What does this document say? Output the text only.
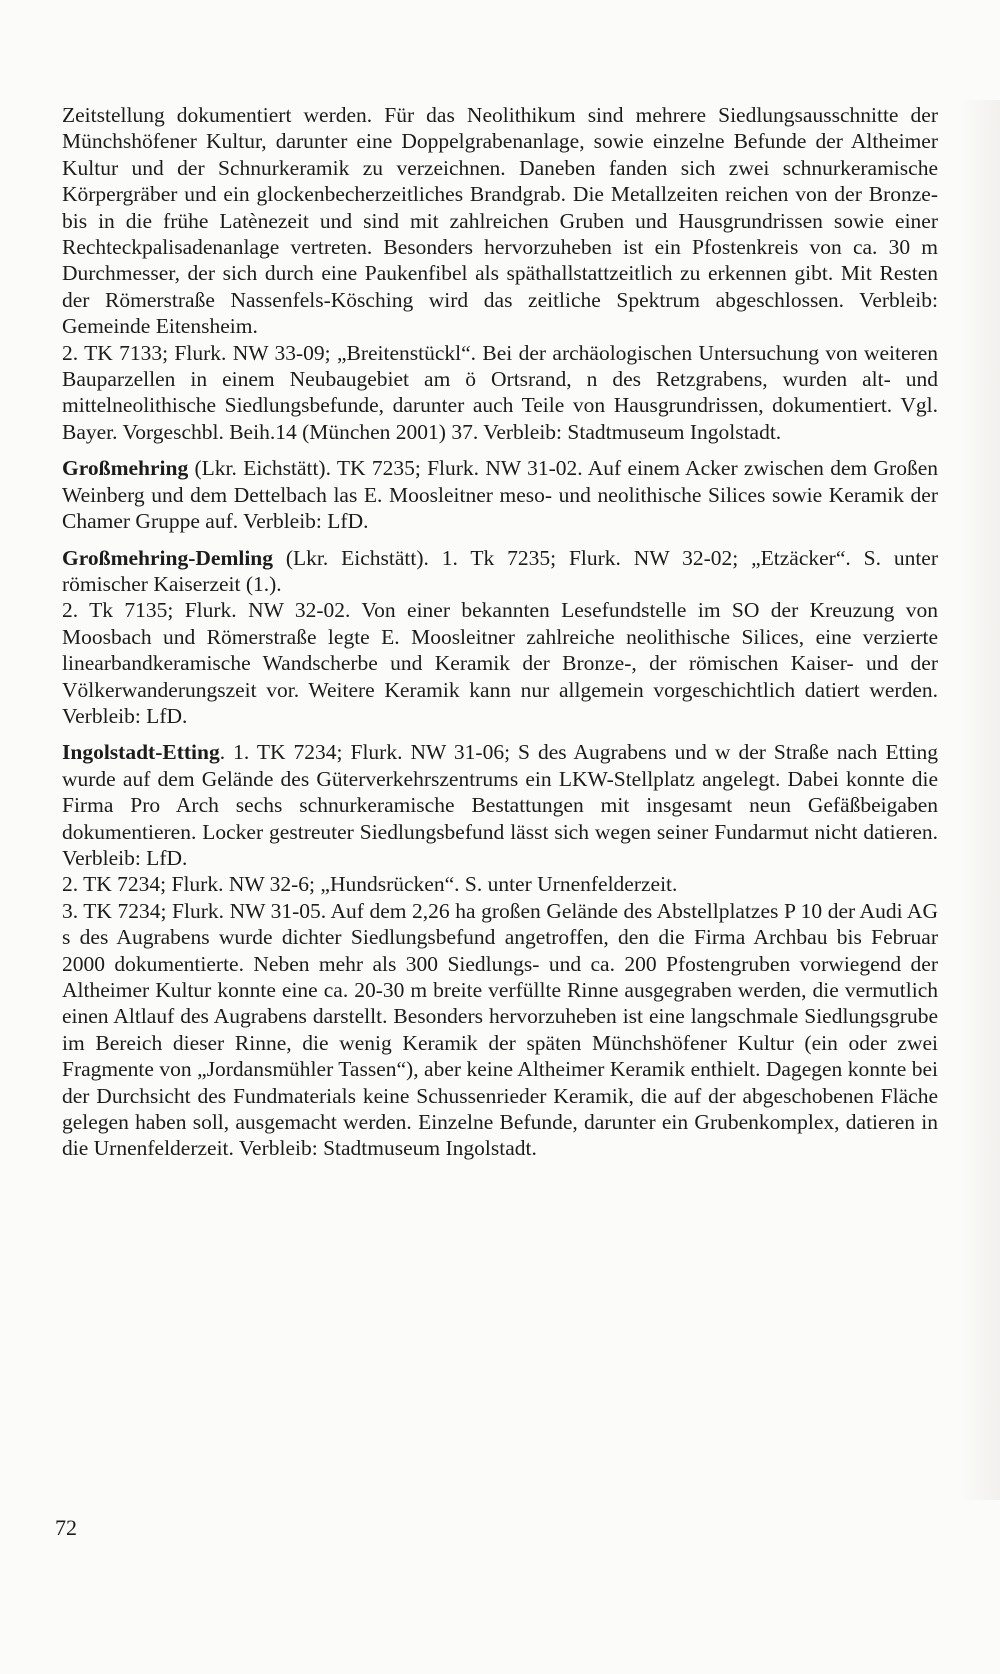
Zeitstellung dokumentiert werden. Für das Neolithikum sind mehrere Siedlungsausschnitte der Münchshöfener Kultur, darunter eine Doppelgrabenanlage, sowie einzelne Befunde der Altheimer Kultur und der Schnurkeramik zu verzeichnen. Daneben fanden sich zwei schnurkeramische Körpergräber und ein glockenbecherzeitliches Brandgrab. Die Metallzeiten reichen von der Bronze- bis in die frühe Latènezeit und sind mit zahlreichen Gruben und Hausgrundrissen sowie einer Rechteckpalisadenanlage vertreten. Besonders hervorzuheben ist ein Pfostenkreis von ca. 30 m Durchmesser, der sich durch eine Paukenfibel als späthallstattzeitlich zu erkennen gibt. Mit Resten der Römerstraße Nassenfels-Kösching wird das zeitliche Spektrum abgeschlossen. Verbleib: Gemeinde Eitensheim.

2. TK 7133; Flurk. NW 33-09; „Breitenstückl“. Bei der archäologischen Untersuchung von weiteren Bauparzellen in einem Neubaugebiet am ö Ortsrand, n des Retzgrabens, wurden alt- und mittelneolithische Siedlungsbefunde, darunter auch Teile von Hausgrundrissen, dokumentiert. Vgl. Bayer. Vorgeschbl. Beih.14 (München 2001) 37. Verbleib: Stadtmuseum Ingolstadt.

Großmehring (Lkr. Eichstätt). TK 7235; Flurk. NW 31-02. Auf einem Acker zwischen dem Großen Weinberg und dem Dettelbach las E. Moosleitner meso- und neolithische Silices sowie Keramik der Chamer Gruppe auf. Verbleib: LfD.

Großmehring-Demling (Lkr. Eichstätt). 1. Tk 7235; Flurk. NW 32-02; „Etzäcker“. S. unter römischer Kaiserzeit (1.).

2. Tk 7135; Flurk. NW 32-02. Von einer bekannten Lesefundstelle im SO der Kreuzung von Moosbach und Römerstraße legte E. Moosleitner zahlreiche neolithische Silices, eine verzierte linearbandkeramische Wandscherbe und Keramik der Bronze-, der römischen Kaiser- und der Völkerwanderungszeit vor. Weitere Keramik kann nur allgemein vorgeschichtlich datiert werden. Verbleib: LfD.

Ingolstadt-Etting. 1. TK 7234; Flurk. NW 31-06; S des Augrabens und w der Straße nach Etting wurde auf dem Gelände des Güterverkehrszentrums ein LKW-Stellplatz angelegt. Dabei konnte die Firma Pro Arch sechs schnurkeramische Bestattungen mit insgesamt neun Gefäßbeigaben dokumentieren. Locker gestreuter Siedlungsbefund lässt sich wegen seiner Fundarmut nicht datieren. Verbleib: LfD.

2. TK 7234; Flurk. NW 32-6; „Hundsrücken“. S. unter Urnenfelderzeit.

3. TK 7234; Flurk. NW 31-05. Auf dem 2,26 ha großen Gelände des Abstellplatzes P 10 der Audi AG s des Augrabens wurde dichter Siedlungsbefund angetroffen, den die Firma Archbau bis Februar 2000 dokumentierte. Neben mehr als 300 Siedlungs- und ca. 200 Pfostengruben vorwiegend der Altheimer Kultur konnte eine ca. 20-30 m breite verfüllte Rinne ausgegraben werden, die vermutlich einen Altlauf des Augrabens darstellt. Besonders hervorzuheben ist eine langschmale Siedlungsgrube im Bereich dieser Rinne, die wenig Keramik der späten Münchshöfener Kultur (ein oder zwei Fragmente von „Jordansmühler Tassen“), aber keine Altheimer Keramik enthielt. Dagegen konnte bei der Durchsicht des Fundmaterials keine Schussenrieder Keramik, die auf der abgeschobenen Fläche gelegen haben soll, ausgemacht werden. Einzelne Befunde, darunter ein Grubenkomplex, datieren in die Urnenfelderzeit. Verbleib: Stadtmuseum Ingolstadt.

72
